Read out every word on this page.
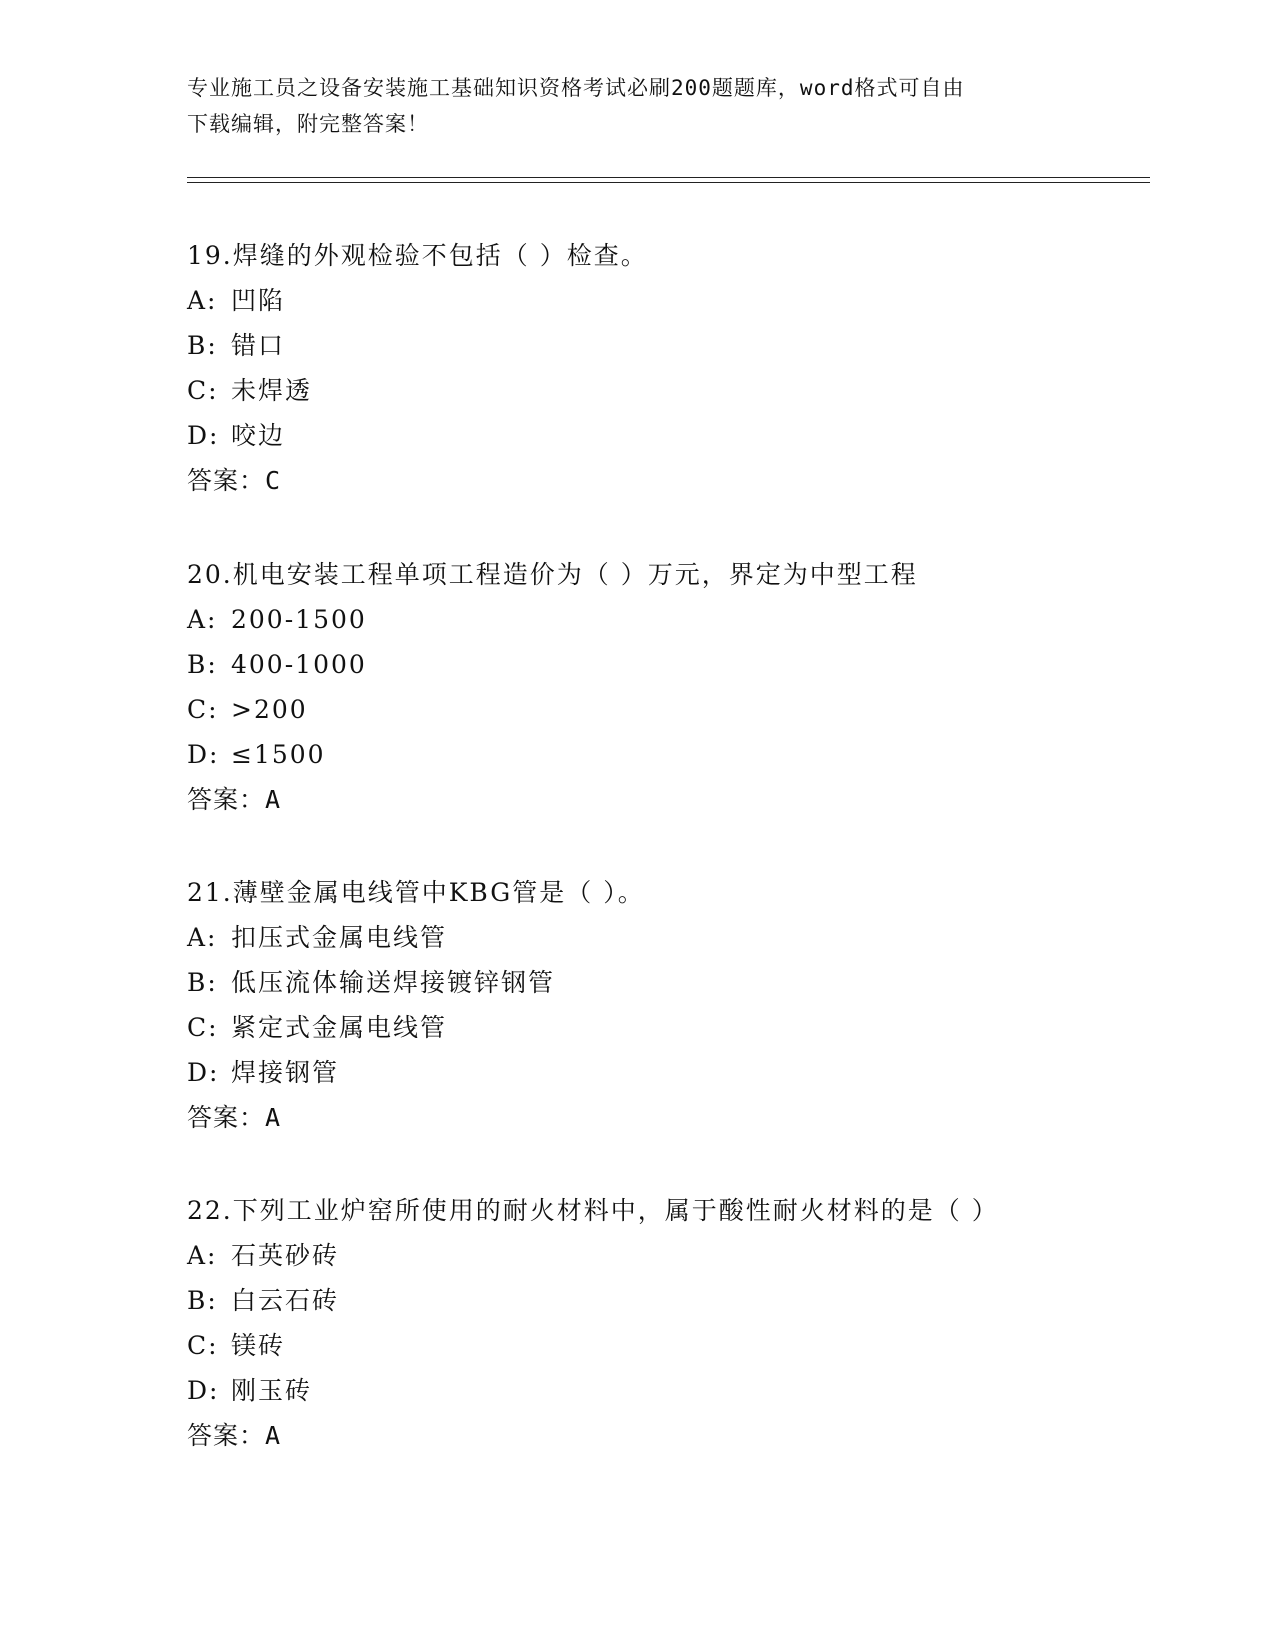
专业施工员之设备安装施工基础知识资格考试必刷200题题库，word格式可自由
下载编辑，附完整答案！
19.焊缝的外观检验不包括（ ）检查。
A: 凹陷
B: 错口
C: 未焊透
D: 咬边
答案：C
20.机电安装工程单项工程造价为（ ）万元，界定为中型工程
A: 200-1500
B: 400-1000
C: >200
D: ≤1500
答案：A
21.薄壁金属电线管中KBG管是（ ）。
A: 扣压式金属电线管
B: 低压流体输送焊接镀锌钢管
C: 紧定式金属电线管
D: 焊接钢管
答案：A
22.下列工业炉窑所使用的耐火材料中，属于酸性耐火材料的是（ ）
A: 石英砂砖
B: 白云石砖
C: 镁砖
D: 刚玉砖
答案：A
